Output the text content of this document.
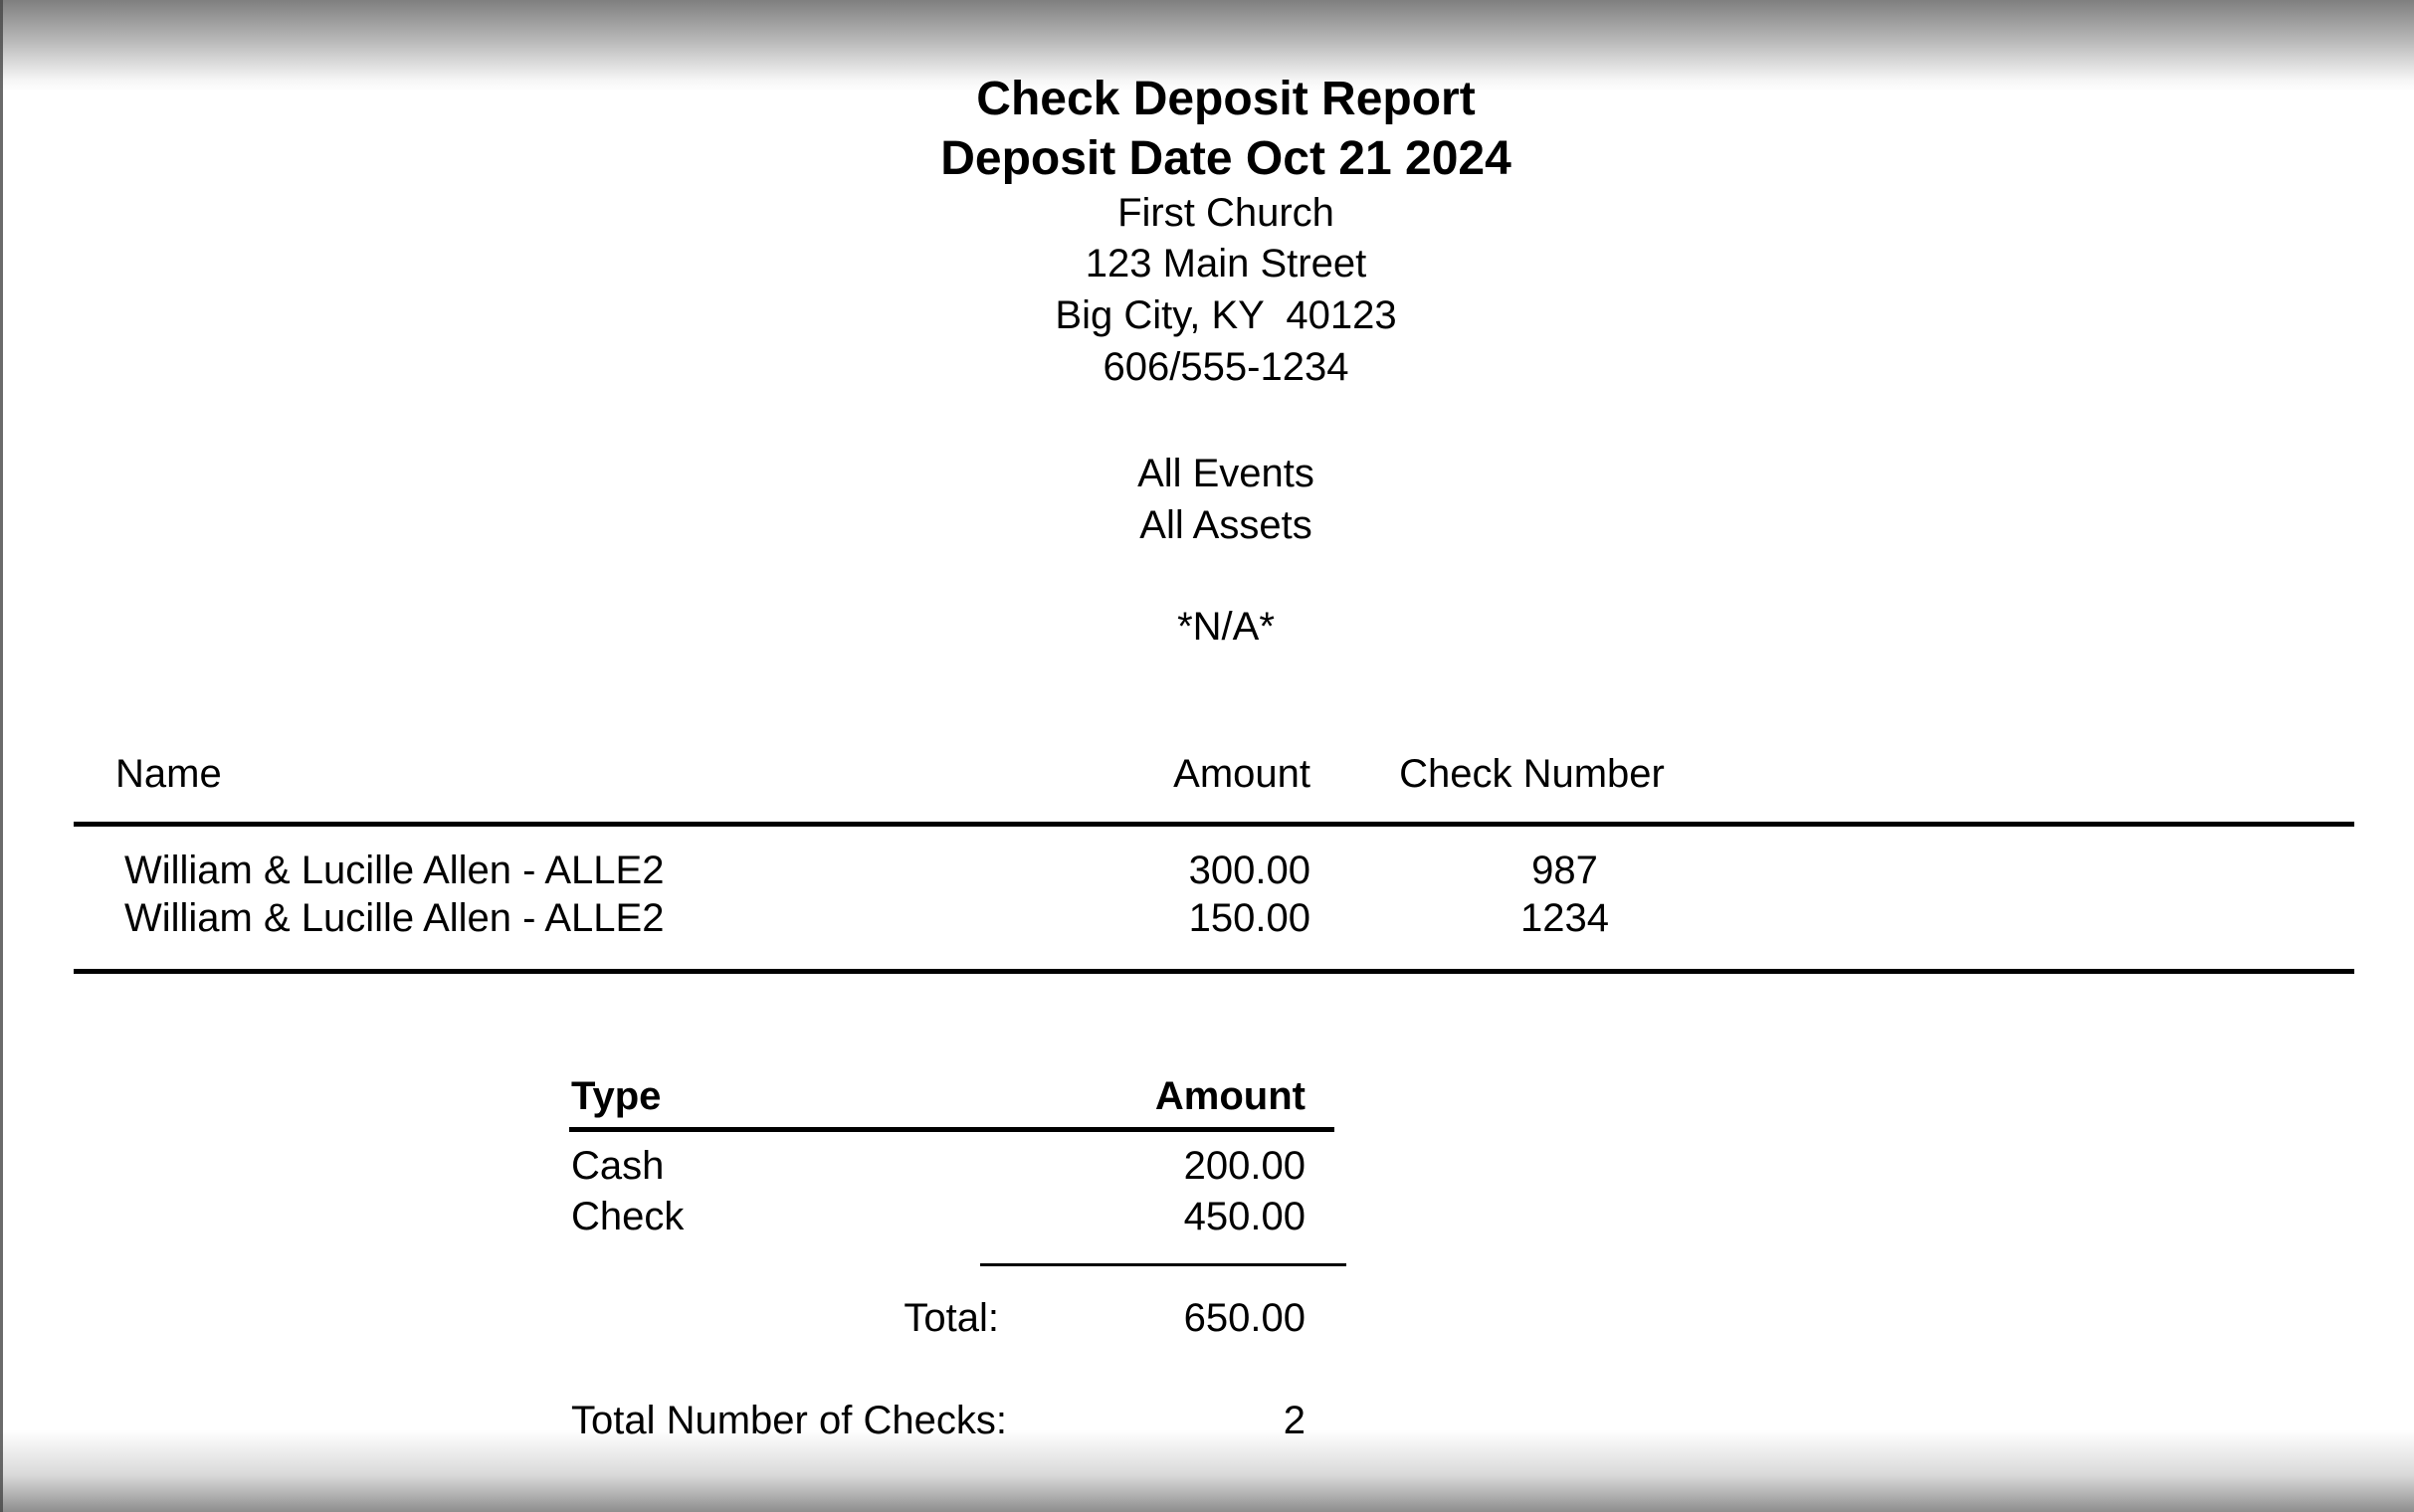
Check Deposit Report
Deposit Date Oct 21 2024
First Church
123 Main Street
Big City, KY  40123
606/555-1234
All Events
All Assets
*N/A*
Name	Amount	Check Number
William & Lucille Allen - ALLE2	300.00	987
William & Lucille Allen - ALLE2	150.00	1234
Type	Amount
Cash	200.00
Check	450.00
Total:	650.00
Total Number of Checks:	2
